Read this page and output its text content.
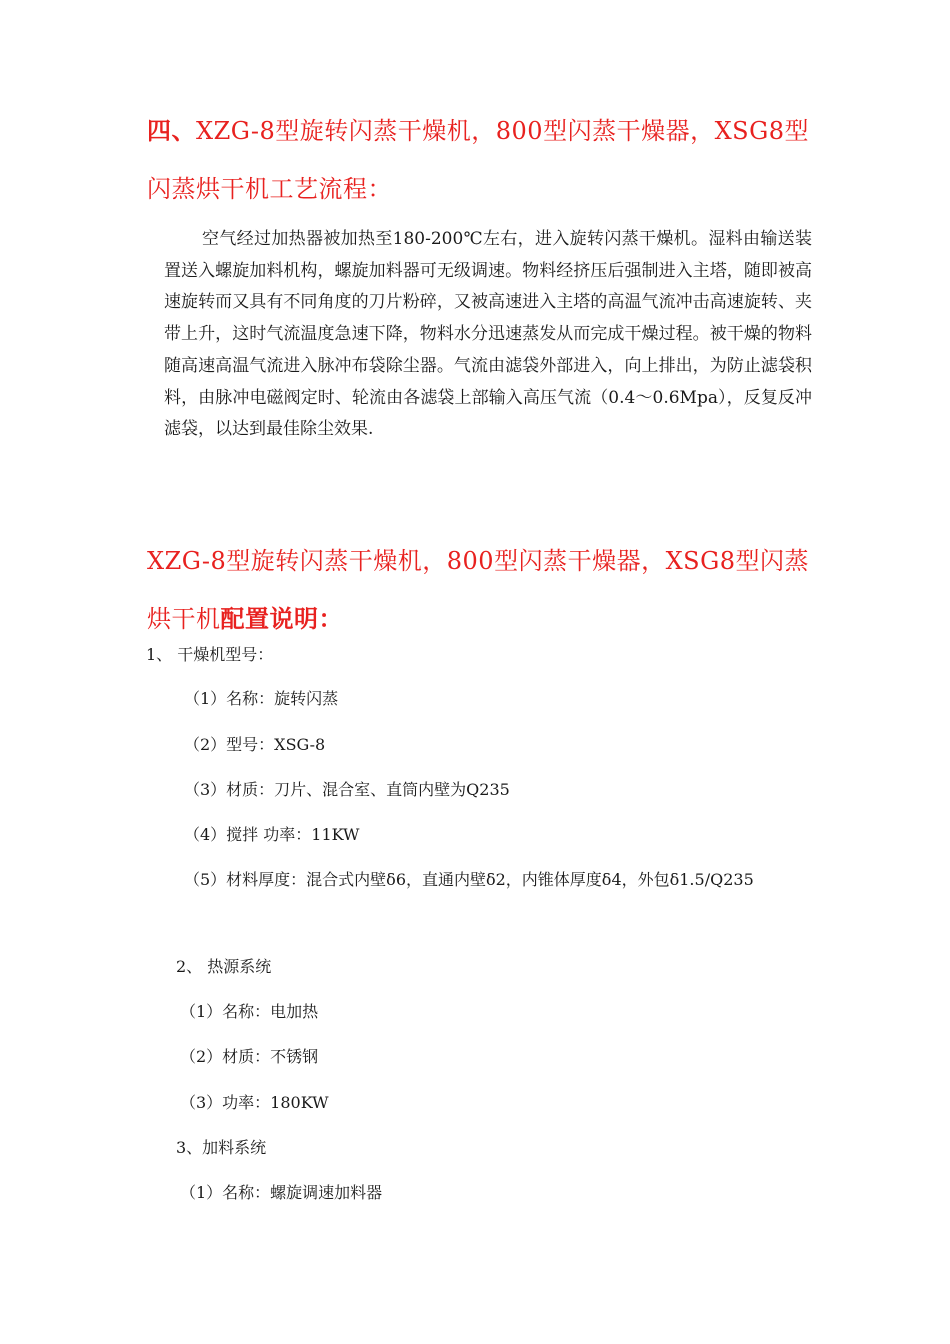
四、XZG-8型旋转闪蒸干燥机，800型闪蒸干燥器，XSG8型闪蒸烘干机工艺流程：
空气经过加热器被加热至180-200℃左右，进入旋转闪蒸干燥机。湿料由输送装置送入螺旋加料机构，螺旋加料器可无级调速。物料经挤压后强制进入主塔，随即被高速旋转而又具有不同角度的刀片粉碎，又被高速进入主塔的高温气流冲击高速旋转、夹带上升，这时气流温度急速下降，物料水分迅速蒸发从而完成干燥过程。被干燥的物料随高速高温气流进入脉冲布袋除尘器。气流由滤袋外部进入，向上排出，为防止滤袋积料，由脉冲电磁阀定时、轮流由各滤袋上部输入高压气流（0.4～0.6Mpa），反复反冲滤袋，以达到最佳除尘效果.
XZG-8型旋转闪蒸干燥机，800型闪蒸干燥器，XSG8型闪蒸烘干机配置说明：
1、 干燥机型号：
（1）名称：旋转闪蒸
（2）型号：XSG-8
（3）材质：刀片、混合室、直筒内壁为Q235
（4）搅拌 功率：11KW
（5）材料厚度：混合式内壁δ6，直通内壁δ2，内锥体厚度δ4，外包δ1.5/Q235
2、 热源系统
（1）名称：电加热
（2）材质：不锈钢
（3）功率：180KW
3、加料系统
（1）名称：螺旋调速加料器
